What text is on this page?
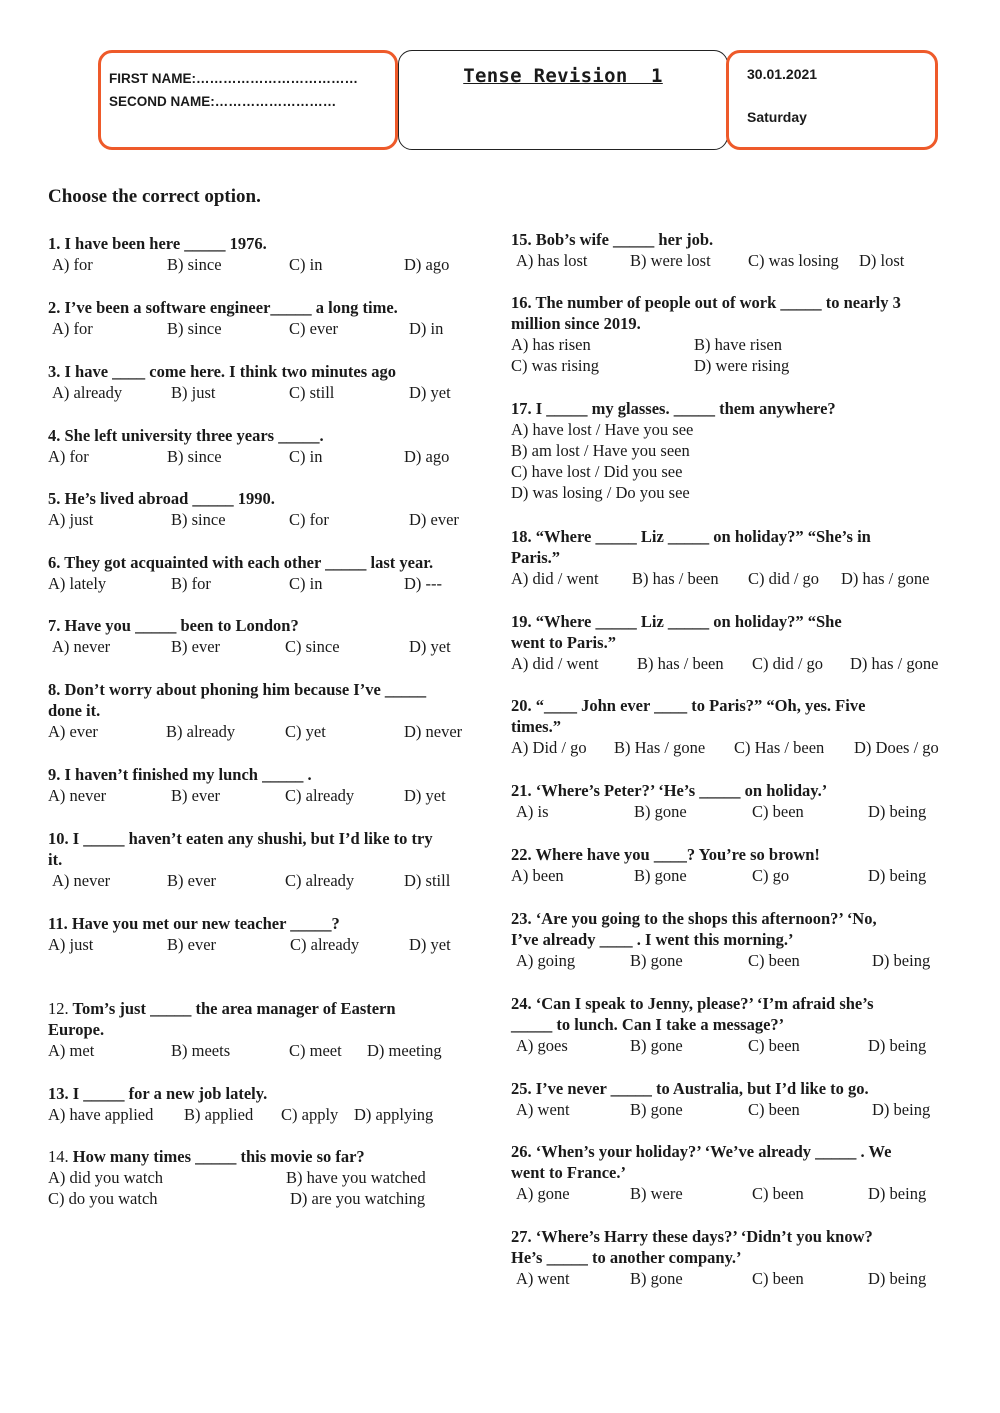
FIRST NAME:………………………………
SECOND NAME:………………………
Tense Revision  1	30.01.2021
Saturday
Choose the correct option.
1. I have been here _____ 1976.
A) for	B) since	C) in	D) ago
2. I’ve been a software engineer_____ a long time.
A) for	B) since	C) ever	D) in
3. I have ____ come here. I think two minutes ago
A) already	B) just	C) still	D) yet
4. She left university three years _____.
A) for	B) since	C) in	D) ago
5. He’s lived abroad _____ 1990.
A) just	B) since	C) for	D) ever
6. They got acquainted with each other _____ last year.
A) lately	B) for	C) in	D) ---
7. Have you _____ been to London?
A) never	B) ever	C) since	D) yet
8. Don’t worry about phoning him because I’ve _____
done it.
A) ever	B) already	C) yet	D) never
9. I haven’t finished my lunch _____ .
A) never	B) ever	C) already	D) yet
10. I _____ haven’t eaten any shushi, but I’d like to try
it.
A) never	B) ever	C) already	D) still
11. Have you met our new teacher _____?
A) just	B) ever	C) already	D) yet
12. Tom’s just _____ the area manager of Eastern
Europe.
A) met	B) meets	C) meet D) meeting
13. I _____ for a new job lately.
A) have applied B) applied C) apply D) applying
14. How many times _____ this movie so far?
A) did you watch	B) have you watched
C) do you watch	D) are you watching
15. Bob’s wife _____ her job.
A) has lost	B) were lost C) was losing D) lost
16. The number of people out of work _____ to nearly 3
million since 2019.
A) has risen	B) have risen
C) was rising	D) were rising
17. I _____ my glasses. _____ them anywhere?
A) have lost / Have you see
B) am lost / Have you seen
C) have lost / Did you see
D) was losing / Do you see
18. “Where _____ Liz _____ on holiday?” “She’s in
Paris.”
A) did / went B) has / been C) did / go D) has / gone
19. “Where _____ Liz _____ on holiday?” “She
went to Paris.”
A) did / went B) has / been C) did / go D) has / gone
20. “____ John ever ____ to Paris?” “Oh, yes. Five
times.”
A) Did / go B) Has / gone C) Has / been D) Does / go
21. ‘Where’s Peter?’ ‘He’s _____ on holiday.’
A) is	B) gone	C) been	D) being
22. Where have you ____? You’re so brown!
A) been	B) gone	C) go	D) being
23. ‘Are you going to the shops this afternoon?’ ‘No,
I’ve already ____ . I went this morning.’
A) going	B) gone	C) been	D) being
24. ‘Can I speak to Jenny, please?’ ‘I’m afraid she’s
_____ to lunch. Can I take a message?’
A) goes	B) gone	C) been	D) being
25. I’ve never _____ to Australia, but I’d like to go.
A) went	B) gone	C) been	D) being
26. ‘When’s your holiday?’ ‘We’ve already _____ . We
went to France.’
A) gone	B) were	C) been	D) being
27. ‘Where’s Harry these days?’ ‘Didn’t you know?
He’s _____ to another company.’
A) went	B) gone	C) been	D) being
